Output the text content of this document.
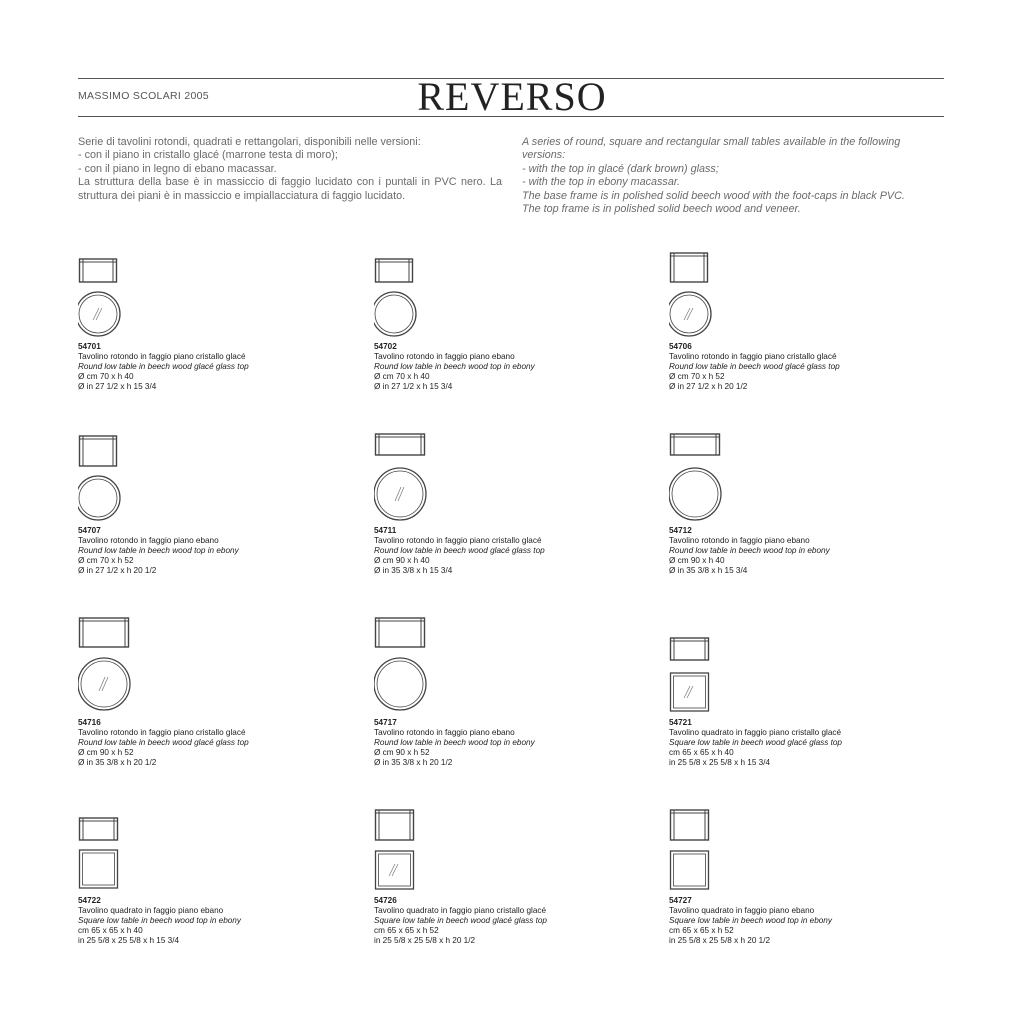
MASSIMO SCOLARI 2005	REVERSO
Serie di tavolini rotondi, quadrati e rettangolari, disponibili nelle versioni:
- con il piano in cristallo glacé (marrone testa di moro);
- con il piano in legno di ebano macassar.
La struttura della base è in massiccio di faggio lucidato con i puntali in PVC nero. La struttura dei piani è in massiccio e impiallacciatura di faggio lucidato.
A series of round, square and rectangular small tables available in the following versions:
- with the top in glacé (dark brown) glass;
- with the top in ebony macassar.
The base frame is in polished solid beech wood with the foot-caps in black PVC.
The top frame is in polished solid beech wood and veneer.
54701
Tavolino rotondo in faggio piano cristallo glacé
Round low table in beech wood glacé glass top
Ø cm 70 x h 40
Ø in 27 1/2 x h 15 3/4
54702
Tavolino rotondo in faggio piano ebano
Round low table in beech wood top in ebony
Ø cm 70 x h 40
Ø in 27 1/2 x h 15 3/4
54706
Tavolino rotondo in faggio piano cristallo glacé
Round low table in beech wood glacé glass top
Ø cm 70 x h 52
Ø in 27 1/2 x h 20 1/2
54707
Tavolino rotondo in faggio piano ebano
Round low table in beech wood top in ebony
Ø cm 70 x h 52
Ø in 27 1/2 x h 20 1/2
54711
Tavolino rotondo in faggio piano cristallo glacé
Round low table in beech wood glacé glass top
Ø cm 90 x h 40
Ø in 35 3/8 x h 15 3/4
54712
Tavolino rotondo in faggio piano ebano
Round low table in beech wood top in ebony
Ø cm 90 x h 40
Ø in 35 3/8 x h 15 3/4
54716
Tavolino rotondo in faggio piano cristallo glacé
Round low table in beech wood glacé glass top
Ø cm 90 x h 52
Ø in 35 3/8 x h 20 1/2
54717
Tavolino rotondo in faggio piano ebano
Round low table in beech wood top in ebony
Ø cm 90 x h 52
Ø in 35 3/8 x h 20 1/2
54721
Tavolino quadrato in faggio piano cristallo glacé
Square low table in beech wood glacé glass top
cm 65 x 65 x h 40
in 25 5/8 x 25 5/8 x h 15 3/4
54722
Tavolino quadrato in faggio piano ebano
Square low table in beech wood top in ebony
cm 65 x 65 x h 40
in 25 5/8 x 25 5/8 x h 15 3/4
54726
Tavolino quadrato in faggio piano cristallo glacé
Square low table in beech wood glacé glass top
cm 65 x 65 x h 52
in 25 5/8 x 25 5/8 x h 20 1/2
54727
Tavolino quadrato in faggio piano ebano
Square low table in beech wood top in ebony
cm 65 x 65 x h 52
in 25 5/8 x 25 5/8 x h 20 1/2
